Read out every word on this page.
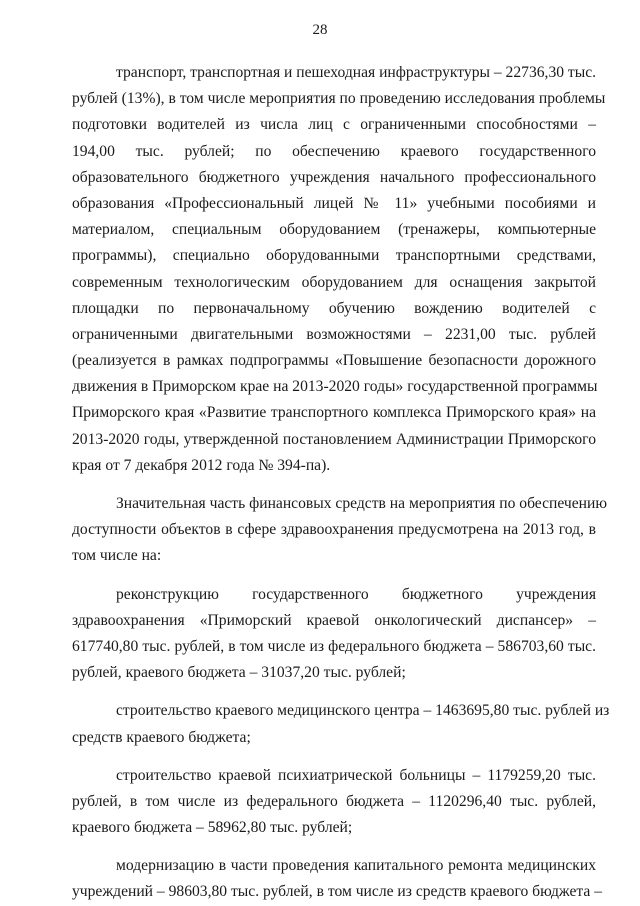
28
транспорт, транспортная и пешеходная инфраструктуры – 22736,30 тыс.
рублей (13%), в том числе мероприятия по проведению исследования проблемы
подготовки водителей из числа лиц с ограниченными способностями –
194,00 тыс. рублей; по обеспечению краевого государственного
образовательного бюджетного учреждения начального профессионального
образования «Профессиональный лицей № 11» учебными пособиями и
материалом, специальным оборудованием (тренажеры, компьютерные
программы), специально оборудованными транспортными средствами,
современным технологическим оборудованием для оснащения закрытой
площадки по первоначальному обучению вождению водителей с
ограниченными двигательными возможностями – 2231,00 тыс. рублей
(реализуется в рамках подпрограммы «Повышение безопасности дорожного
движения в Приморском крае на 2013-2020 годы» государственной программы
Приморского края «Развитие транспортного комплекса Приморского края» на
2013-2020 годы, утвержденной постановлением Администрации Приморского
края от 7 декабря 2012 года № 394-па).
Значительная часть финансовых средств на мероприятия по обеспечению
доступности объектов в сфере здравоохранения предусмотрена на 2013 год, в
том числе на:
реконструкцию государственного бюджетного учреждения
здравоохранения «Приморский краевой онкологический диспансер» –
617740,80 тыс. рублей, в том числе из федерального бюджета – 586703,60 тыс.
рублей, краевого бюджета – 31037,20 тыс. рублей;
строительство краевого медицинского центра – 1463695,80 тыс. рублей из
средств краевого бюджета;
строительство краевой психиатрической больницы – 1179259,20 тыс.
рублей, в том числе из федерального бюджета – 1120296,40 тыс. рублей,
краевого бюджета – 58962,80 тыс. рублей;
модернизацию в части проведения капитального ремонта медицинских
учреждений – 98603,80 тыс. рублей, в том числе из средств краевого бюджета –
